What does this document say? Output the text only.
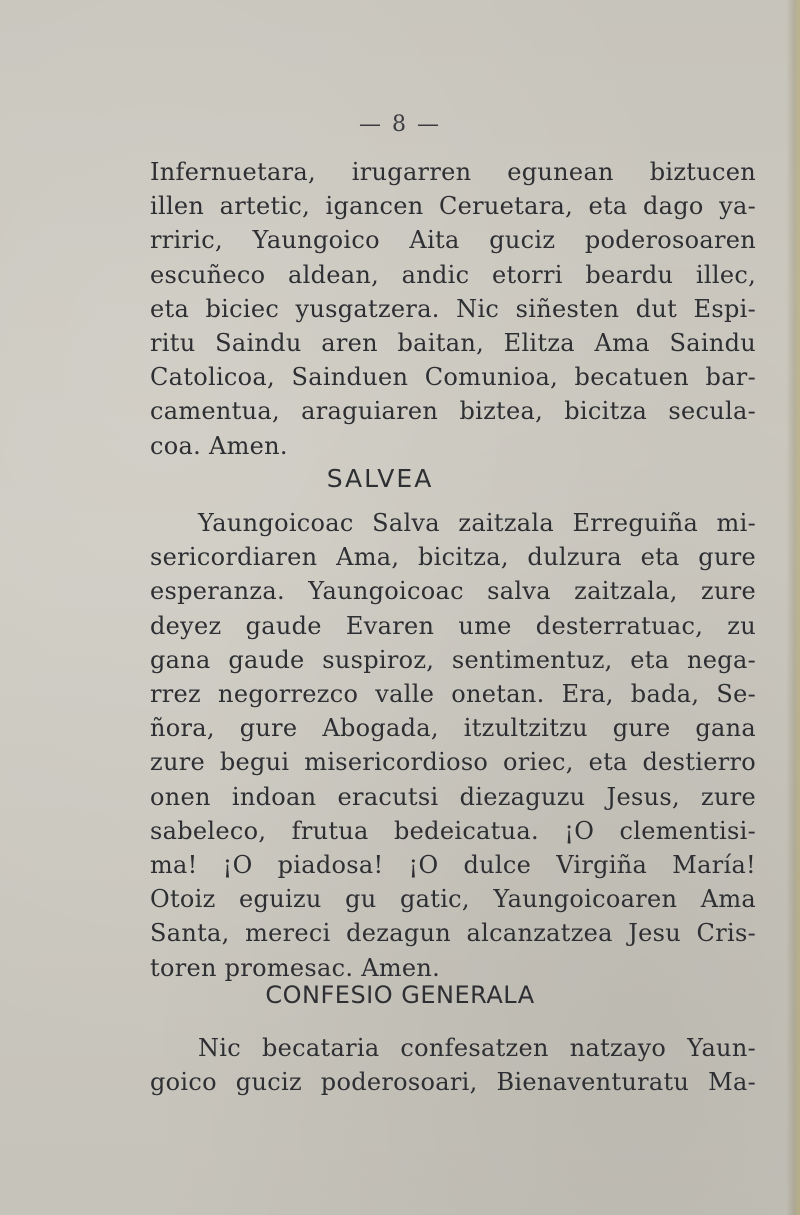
— 8 —
Infernuetara, irugarren egunean biztucen
illen artetic, igancen Ceruetara, eta dago ya-
rriric, Yaungoico Aita guciz poderosoaren
escuñeco aldean, andic etorri beardu illec,
eta biciec yusgatzera. Nic siñesten dut Espi-
ritu Saindu aren baitan, Elitza Ama Saindu
Catolicoa, Sainduen Comunioa, becatuen bar-
camentua, araguiaren biztea, bicitza secula-
coa. Amen.
SALVEA
Yaungoicoac Salva zaitzala Erreguiña mi-
sericordiaren Ama, bicitza, dulzura eta gure
esperanza. Yaungoicoac salva zaitzala, zure
deyez gaude Evaren ume desterratuac, zu
gana gaude suspiroz, sentimentuz, eta nega-
rrez negorrezco valle onetan. Era, bada, Se-
ñora, gure Abogada, itzultzitzu gure gana
zure begui misericordioso oriec, eta destierro
onen indoan eracutsi diezaguzu Jesus, zure
sabeleco, frutua bedeicatua. ¡O clementisi-
ma! ¡O piadosa! ¡O dulce Virgiña María!
Otoiz eguizu gu gatic, Yaungoicoaren Ama
Santa, mereci dezagun alcanzatzea Jesu Cris-
toren promesac. Amen.
CONFESIO GENERALA
Nic becataria confesatzen natzayo Yaun-
goico guciz poderosoari, Bienaventuratu Ma-
